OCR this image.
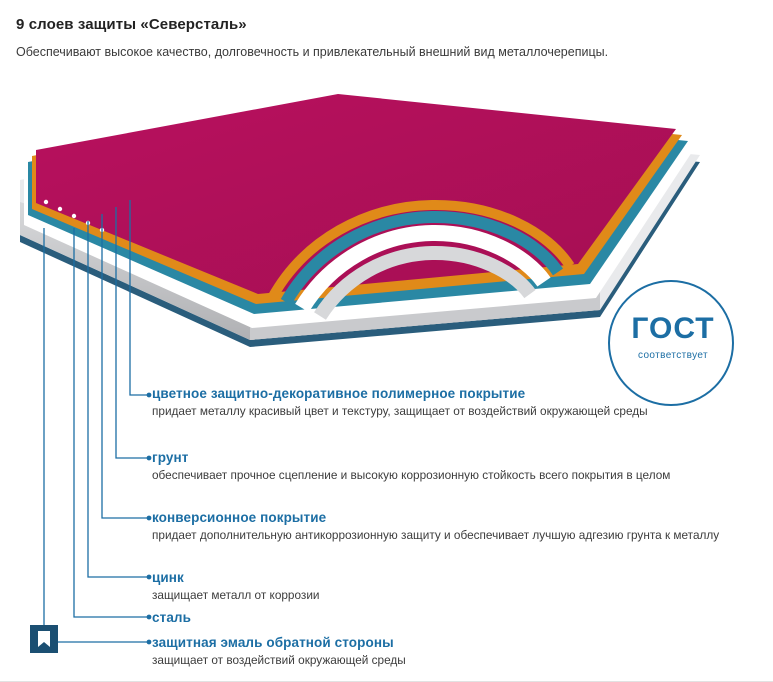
9 слоев защиты «Северсталь»

Обеспечивают высокое качество, долговечность и привлекательный внешний вид металлочерепицы.

ГОСТ
соответствует

цветное защитно-декоративное полимерное покрытие

придает металлу красивый цвет и текстуру, защищает от воздействий окружающей среды

грунт

обеспечивает прочное сцепление и высокую коррозионную стойкость всего покрытия в целом

конверсионное покрытие

придает дополнительную антикоррозионную защиту и обеспечивает лучшую адгезию грунта к металлу

цинк

защищает металл от коррозии

сталь

защитная эмаль обратной стороны

защищает от воздействий окружающей среды
